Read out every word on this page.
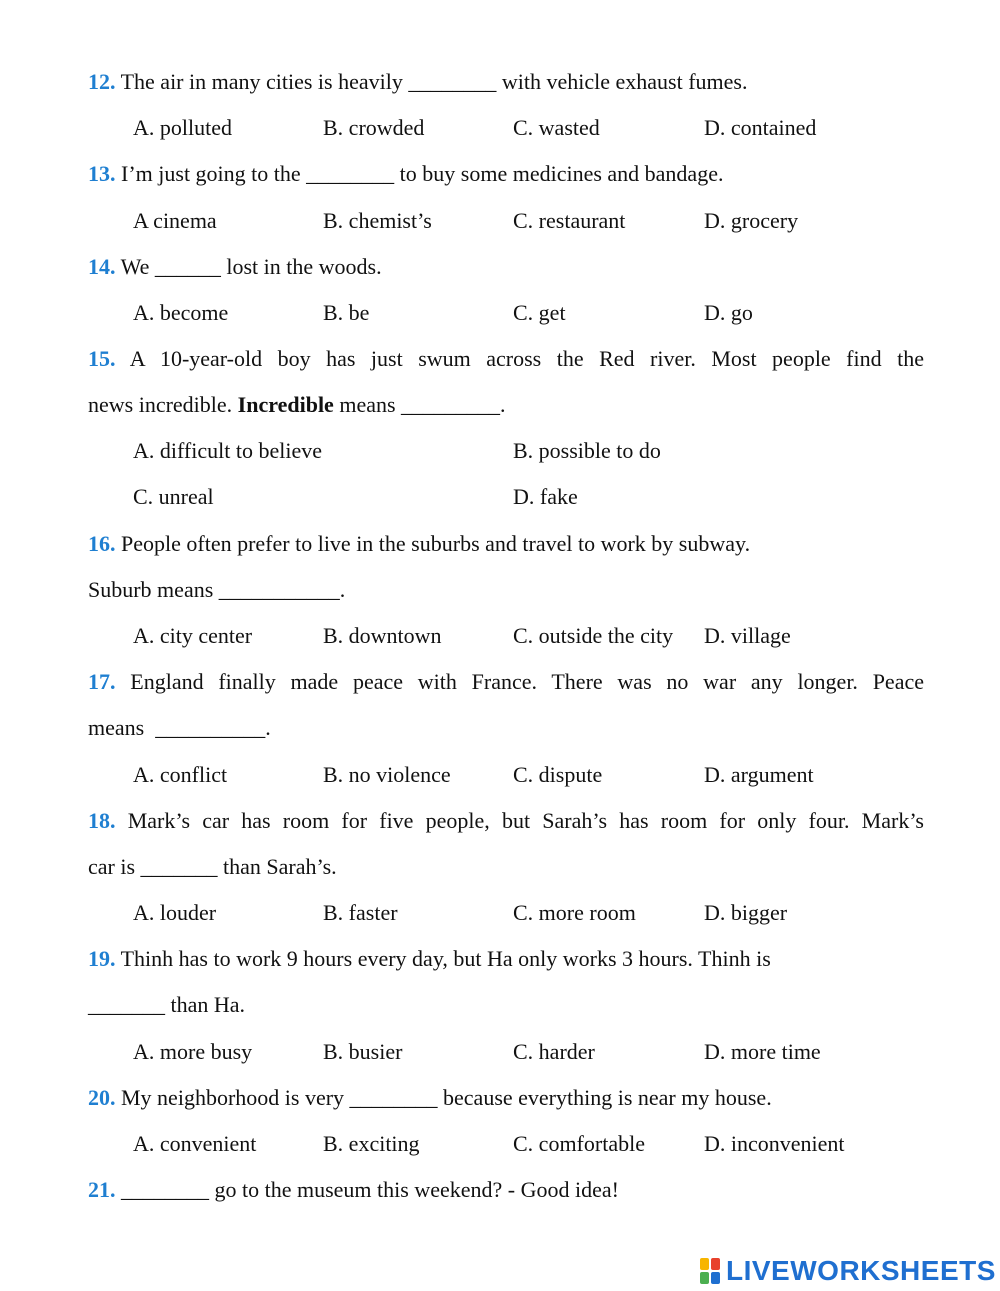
12. The air in many cities is heavily ________ with vehicle exhaust fumes.
A. polluted	B. crowded	C. wasted	D. contained
13. I’m just going to the ________ to buy some medicines and bandage.
A cinema	B. chemist’s	C. restaurant	D. grocery
14. We ______ lost in the woods.
A. become	B. be	C. get	D. go
15. A 10-year-old boy has just swum across the Red river. Most people find the
news incredible. Incredible means _________.
A. difficult to believe	B. possible to do
C. unreal	D. fake
16. People often prefer to live in the suburbs and travel to work by subway.
Suburb means ___________.
A. city center	B. downtown	C. outside the city D. village
17. England finally made peace with France. There was no war any longer. Peace
means  __________.
A. conflict	B. no violence	C. dispute	D. argument
18. Mark’s car has room for five people, but Sarah’s has room for only four. Mark’s
car is _______ than Sarah’s.
A. louder	B. faster	C. more room	D. bigger
19. Thinh has to work 9 hours every day, but Ha only works 3 hours. Thinh is
_______ than Ha.
A. more busy	B. busier	C. harder	D. more time
20. My neighborhood is very ________ because everything is near my house.
A. convenient	B. exciting	C. comfortable	D. inconvenient
21. ________ go to the museum this weekend? - Good idea!
LIVEWORKSHEETS
